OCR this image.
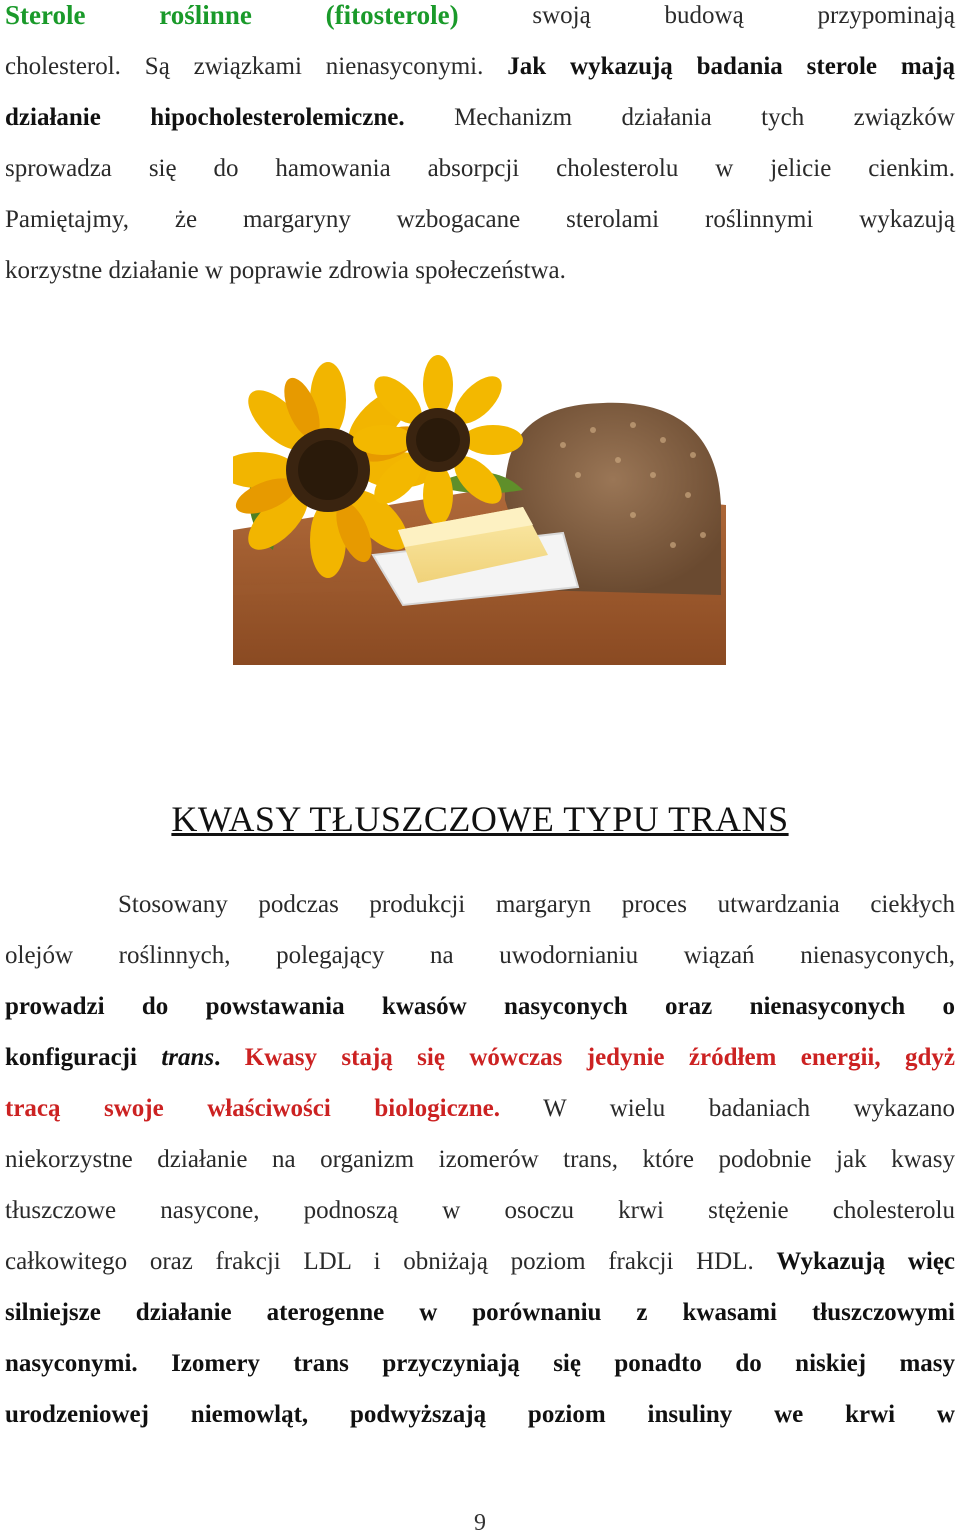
Sterole	roślinne	(fitosterole)	swoją	budową	przypominają
cholesterol. Są związkami nienasyconymi. Jak wykazują badania sterole mają
działanie hipocholesterolemiczne. Mechanizm działania tych związków
sprowadza się do hamowania absorpcji cholesterolu w jelicie cienkim.
Pamiętajmy, że margaryny wzbogacane sterolami roślinnymi wykazują
korzystne działanie w poprawie zdrowia społeczeństwa.
KWASY TŁUSZCZOWE TYPU TRANS
Stosowany podczas produkcji margaryn proces utwardzania ciekłych
olejów roślinnych, polegający na uwodornianiu wiązań nienasyconych,
prowadzi do powstawania kwasów nasyconych oraz nienasyconych o
konfiguracji trans. Kwasy stają się wówczas jedynie źródłem energii, gdyż
tracą swoje właściwości biologiczne. W wielu badaniach wykazano
niekorzystne działanie na organizm izomerów trans, które podobnie jak kwasy
tłuszczowe nasycone, podnoszą w osoczu krwi stężenie cholesterolu
całkowitego oraz frakcji LDL i obniżają poziom frakcji HDL. Wykazują więc
silniejsze działanie aterogenne w porównaniu z kwasami tłuszczowymi
nasyconymi. Izomery trans przyczyniają się ponadto do niskiej masy
urodzeniowej niemowląt, podwyższają poziom insuliny we krwi w
9
